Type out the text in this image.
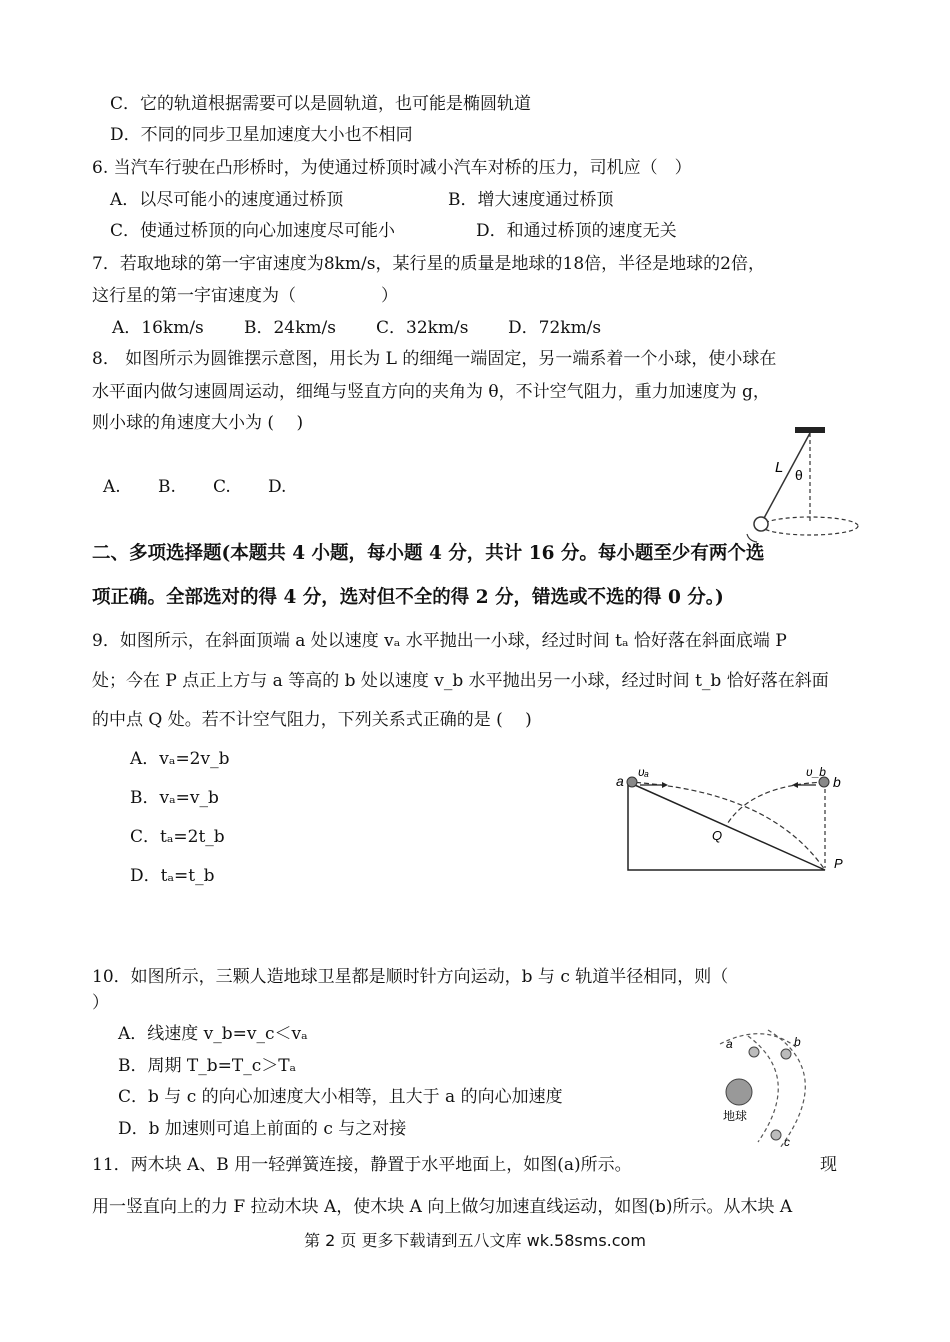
C．它的轨道根据需要可以是圆轨道，也可能是椭圆轨道
D．不同的同步卫星加速度大小也不相同
6. 当汽车行驶在凸形桥时，为使通过桥顶时减小汽车对桥的压力，司机应（　）
A．以尽可能小的速度通过桥顶	B．增大速度通过桥顶
C．使通过桥顶的向心加速度尽可能小	D．和通过桥顶的速度无关
7．若取地球的第一宇宙速度为8km/s，某行星的质量是地球的18倍，半径是地球的2倍，
这行星的第一宇宙速度为（　　　　　）
A．16km/s B．24km/s C．32km/s D．72km/s
8． 如图所示为圆锥摆示意图，用长为 L 的细绳一端固定，另一端系着一个小球，使小球在
水平面内做匀速圆周运动，细绳与竖直方向的夹角为 θ，不计空气阻力，重力加速度为 g，
则小球的角速度大小为 (　 )
A. B. C. D.
L θ
二、多项选择题(本题共 4 小题，每小题 4 分，共计 16 分。每小题至少有两个选
项正确。全部选对的得 4 分，选对但不全的得 2 分，错选或不选的得 0 分。)
9．如图所示，在斜面顶端 a 处以速度 vₐ 水平抛出一小球，经过时间 tₐ 恰好落在斜面底端 P
处；今在 P 点正上方与 a 等高的 b 处以速度 v_b 水平抛出另一小球，经过时间 t_b 恰好落在斜面
的中点 Q 处。若不计空气阻力，下列关系式正确的是 (　 )
A．vₐ=2v_b
B．vₐ=v_b
C．tₐ=2t_b
D．tₐ=t_b
a	b
υₐ	υ_b
Q
P
10．如图所示，三颗人造地球卫星都是顺时针方向运动，b 与 c 轨道半径相同，则（
）
A．线速度 v_b=v_c＜vₐ
B．周期 T_b=T_c＞Tₐ
C．b 与 c 的向心加速度大小相等，且大于 a 的向心加速度
D．b 加速则可追上前面的 c 与之对接
a	b
c
地球
11．两木块 A、B 用一轻弹簧连接，静置于水平地面上，如图(a)所示。	现
用一竖直向上的力 F 拉动木块 A，使木块 A 向上做匀加速直线运动，如图(b)所示。从木块 A
第 2 页 更多下载请到五八文库 wk.58sms.com
